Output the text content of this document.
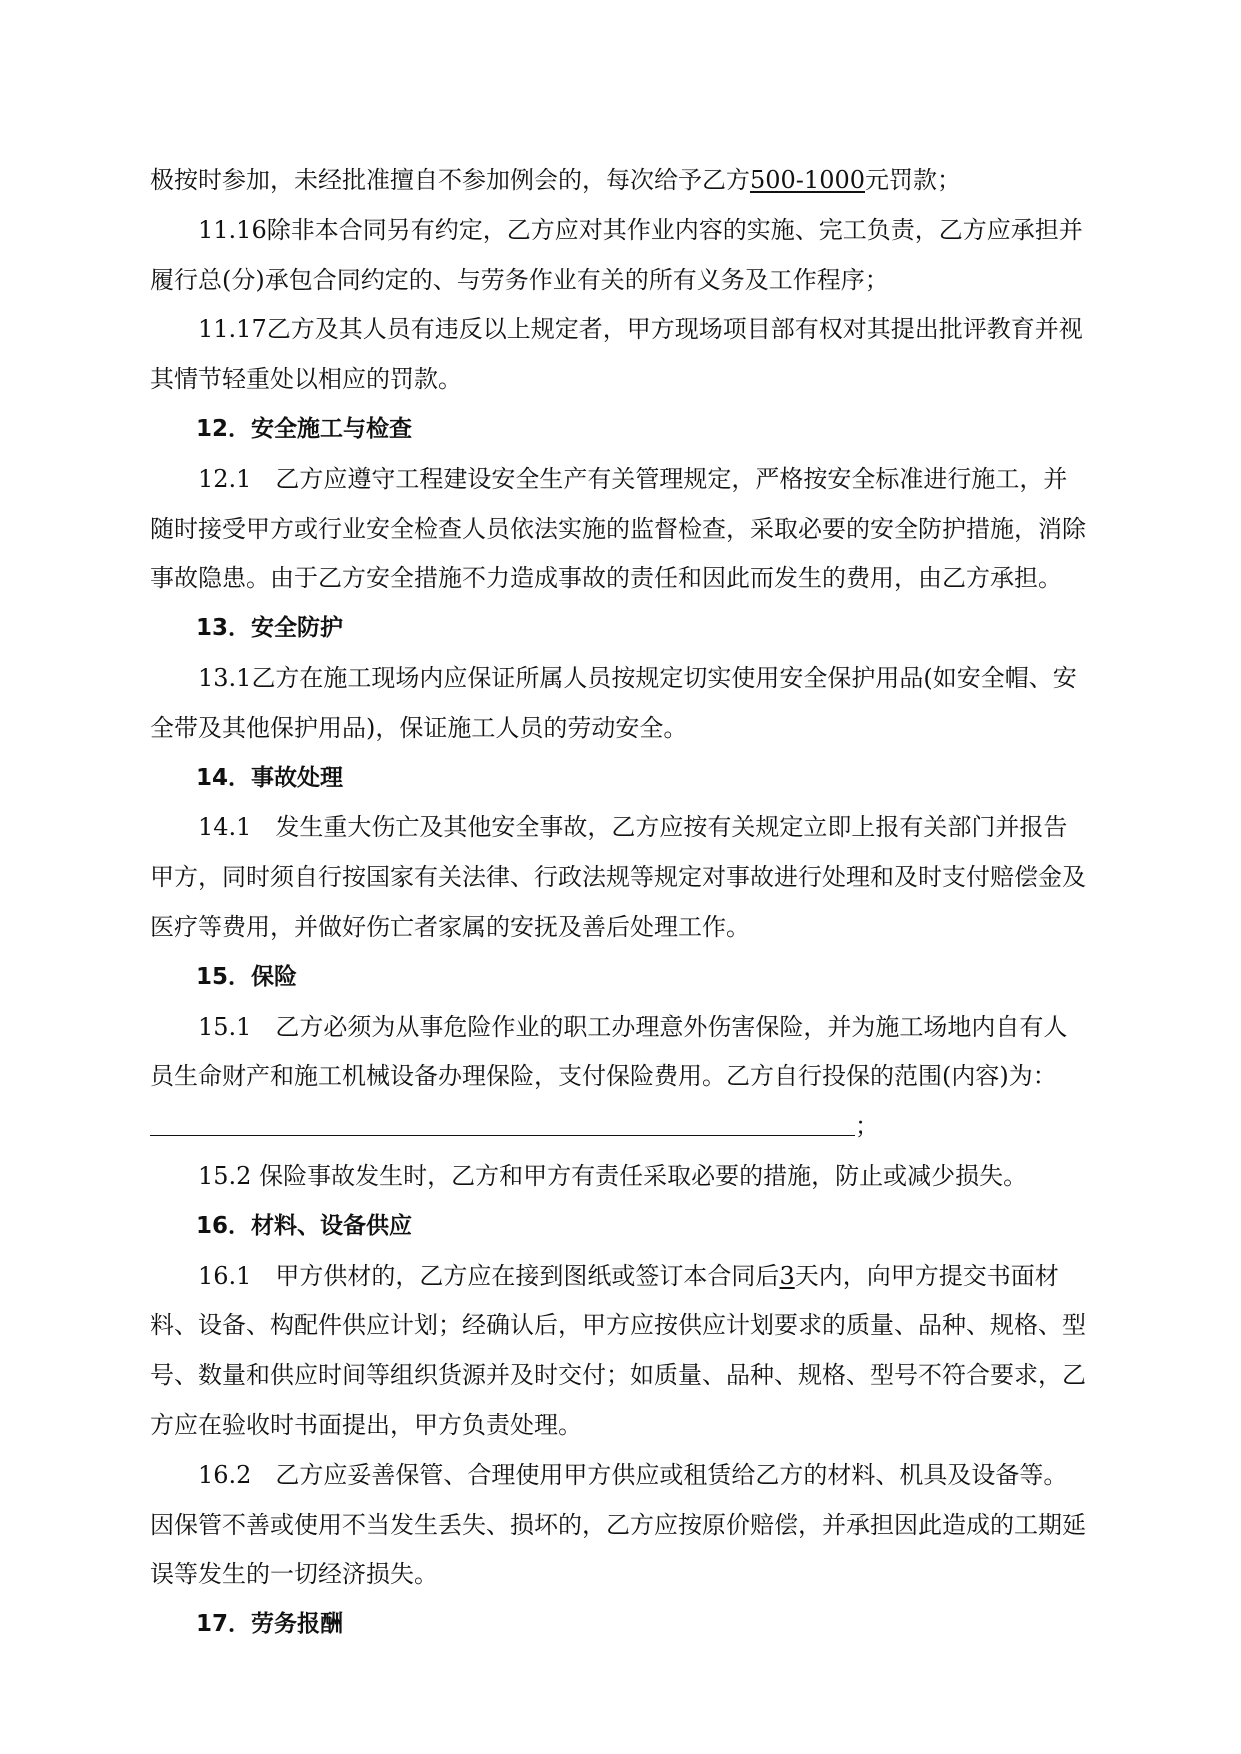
极按时参加，未经批准擅自不参加例会的，每次给予乙方500-1000元罚款；

11.16除非本合同另有约定，乙方应对其作业内容的实施、完工负责，乙方应承担并履行总(分)承包合同约定的、与劳务作业有关的所有义务及工作程序；

11.17乙方及其人员有违反以上规定者，甲方现场项目部有权对其提出批评教育并视其情节轻重处以相应的罚款。

12．安全施工与检查

12.1　乙方应遵守工程建设安全生产有关管理规定，严格按安全标准进行施工，并随时接受甲方或行业安全检查人员依法实施的监督检查，采取必要的安全防护措施，消除事故隐患。由于乙方安全措施不力造成事故的责任和因此而发生的费用，由乙方承担。

13．安全防护

13.1乙方在施工现场内应保证所属人员按规定切实使用安全保护用品(如安全帽、安全带及其他保护用品)，保证施工人员的劳动安全。

14．事故处理

14.1　发生重大伤亡及其他安全事故，乙方应按有关规定立即上报有关部门并报告甲方，同时须自行按国家有关法律、行政法规等规定对事故进行处理和及时支付赔偿金及医疗等费用，并做好伤亡者家属的安抚及善后处理工作。

15．保险

15.1　乙方必须为从事危险作业的职工办理意外伤害保险，并为施工场地内自有人员生命财产和施工机械设备办理保险，支付保险费用。乙方自行投保的范围(内容)为：

；

15.2 保险事故发生时，乙方和甲方有责任采取必要的措施，防止或减少损失。

16．材料、设备供应

16.1　甲方供材的，乙方应在接到图纸或签订本合同后3天内，向甲方提交书面材料、设备、构配件供应计划；经确认后，甲方应按供应计划要求的质量、品种、规格、型号、数量和供应时间等组织货源并及时交付；如质量、品种、规格、型号不符合要求，乙方应在验收时书面提出，甲方负责处理。

16.2　乙方应妥善保管、合理使用甲方供应或租赁给乙方的材料、机具及设备等。因保管不善或使用不当发生丢失、损坏的，乙方应按原价赔偿，并承担因此造成的工期延误等发生的一切经济损失。

17．劳务报酬
